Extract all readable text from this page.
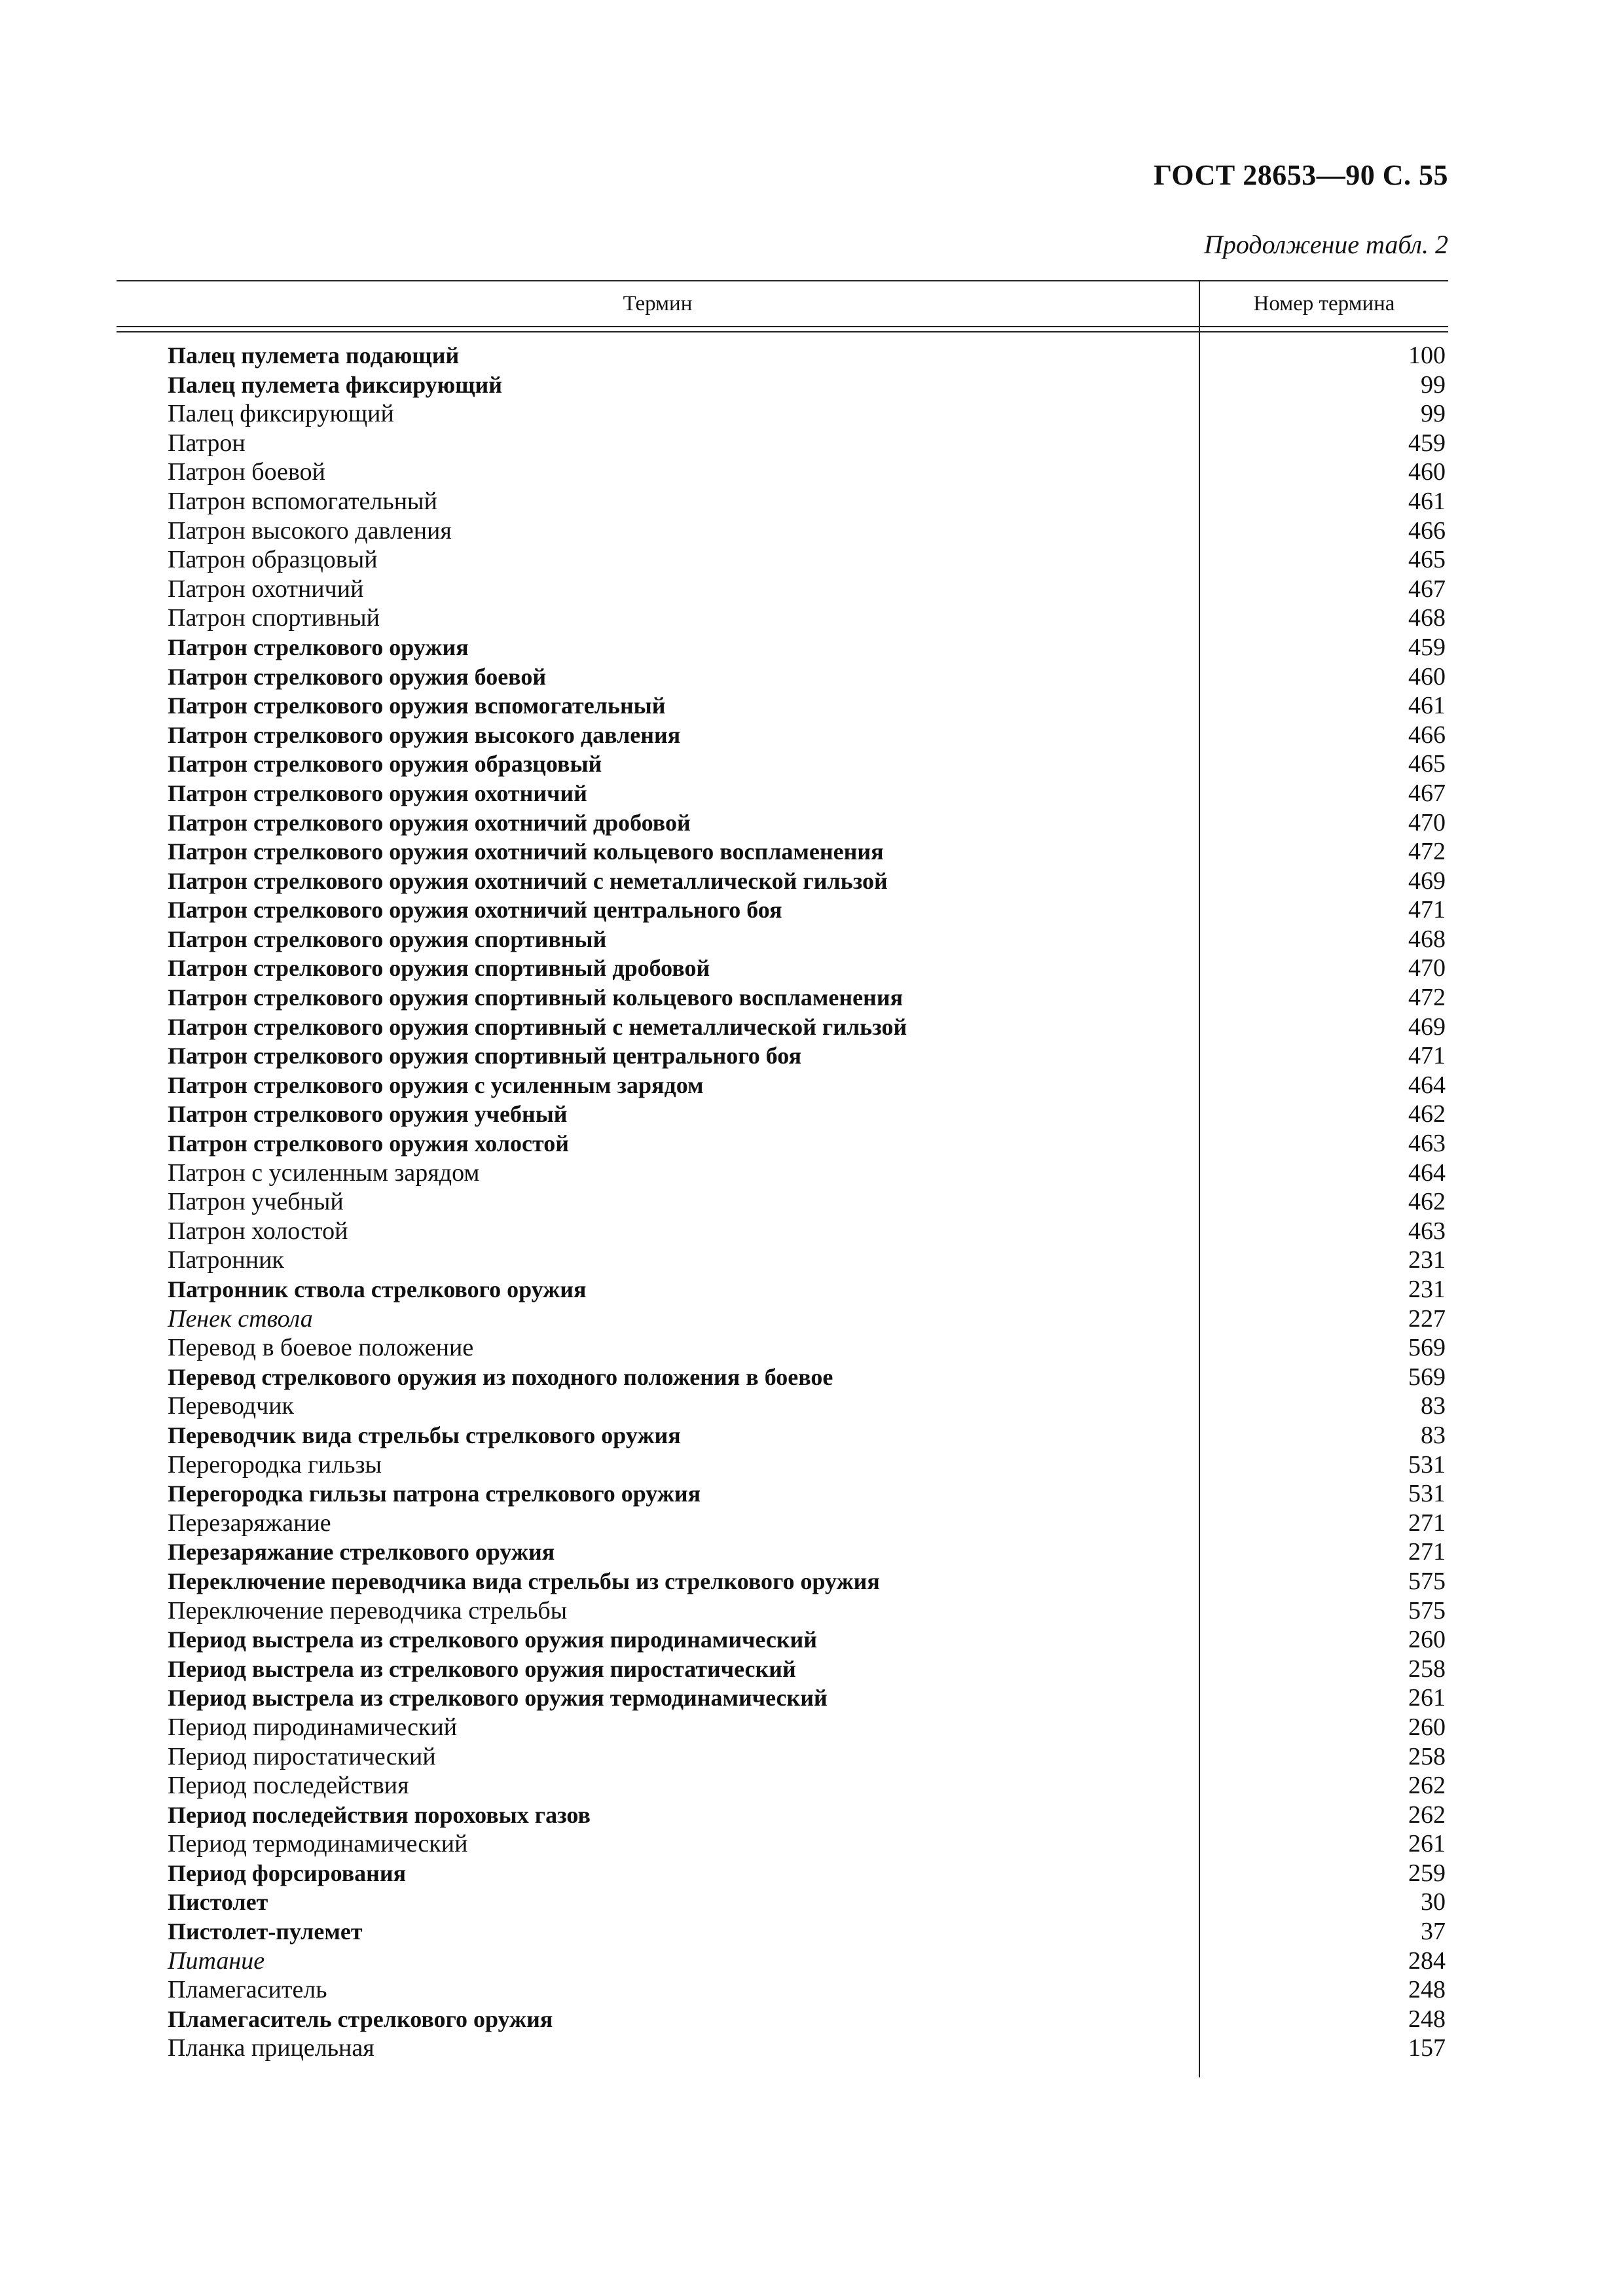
ГОСТ 28653—90 С. 55
Продолжение табл. 2
Термин	Номер термина
Палец пулемета подающий	100
Палец пулемета фиксирующий	99
Палец фиксирующий	99
Патрон	459
Патрон боевой	460
Патрон вспомогательный	461
Патрон высокого давления	466
Патрон образцовый	465
Патрон охотничий	467
Патрон спортивный	468
Патрон стрелкового оружия	459
Патрон стрелкового оружия боевой	460
Патрон стрелкового оружия вспомогательный	461
Патрон стрелкового оружия высокого давления	466
Патрон стрелкового оружия образцовый	465
Патрон стрелкового оружия охотничий	467
Патрон стрелкового оружия охотничий дробовой	470
Патрон стрелкового оружия охотничий кольцевого воспламенения	472
Патрон стрелкового оружия охотничий с неметаллической гильзой	469
Патрон стрелкового оружия охотничий центрального боя	471
Патрон стрелкового оружия спортивный	468
Патрон стрелкового оружия спортивный дробовой	470
Патрон стрелкового оружия спортивный кольцевого воспламенения	472
Патрон стрелкового оружия спортивный с неметаллической гильзой	469
Патрон стрелкового оружия спортивный центрального боя	471
Патрон стрелкового оружия с усиленным зарядом	464
Патрон стрелкового оружия учебный	462
Патрон стрелкового оружия холостой	463
Патрон с усиленным зарядом	464
Патрон учебный	462
Патрон холостой	463
Патронник	231
Патронник ствола стрелкового оружия	231
Пенек ствола	227
Перевод в боевое положение	569
Перевод стрелкового оружия из походного положения в боевое	569
Переводчик	83
Переводчик вида стрельбы стрелкового оружия	83
Перегородка гильзы	531
Перегородка гильзы патрона стрелкового оружия	531
Перезаряжание	271
Перезаряжание стрелкового оружия	271
Переключение переводчика вида стрельбы из стрелкового оружия	575
Переключение переводчика стрельбы	575
Период выстрела из стрелкового оружия пиродинамический	260
Период выстрела из стрелкового оружия пиростатический	258
Период выстрела из стрелкового оружия термодинамический	261
Период пиродинамический	260
Период пиростатический	258
Период последействия	262
Период последействия пороховых газов	262
Период термодинамический	261
Период форсирования	259
Пистолет	30
Пистолет-пулемет	37
Питание	284
Пламегаситель	248
Пламегаситель стрелкового оружия	248
Планка прицельная	157
